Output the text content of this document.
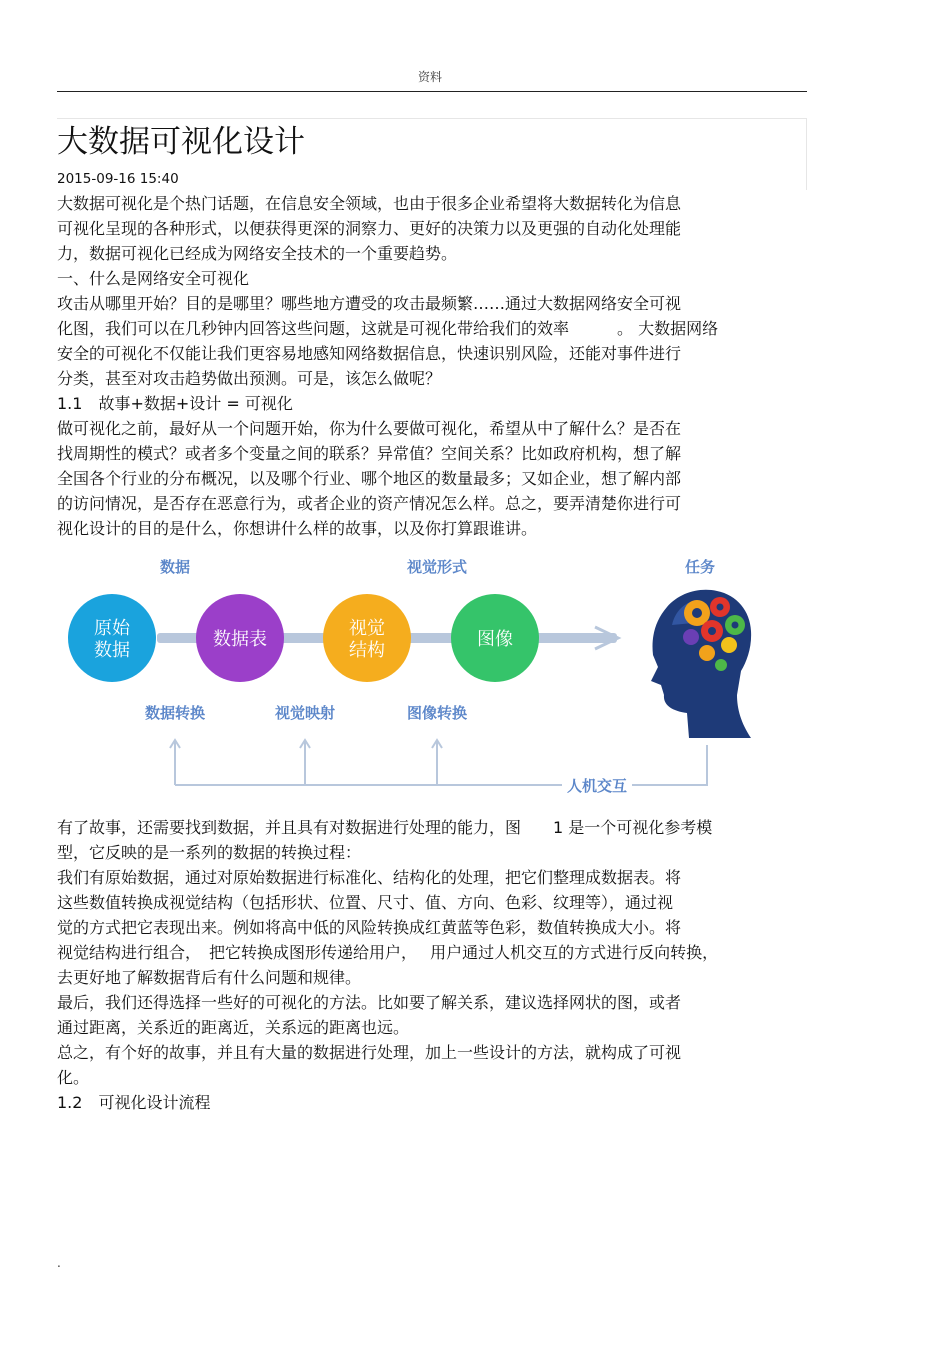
资料
大数据可视化设计
2015-09-16 15:40
大数据可视化是个热门话题，在信息安全领域，也由于很多企业希望将大数据转化为信息
可视化呈现的各种形式，以便获得更深的洞察力、更好的决策力以及更强的自动化处理能
力，数据可视化已经成为网络安全技术的一个重要趋势。
一、什么是网络安全可视化
攻击从哪里开始？目的是哪里？哪些地方遭受的攻击最频繁……通过大数据网络安全可视
化图，我们可以在几秒钟内回答这些问题，这就是可视化带给我们的效率　　　。 大数据网络
安全的可视化不仅能让我们更容易地感知网络数据信息，快速识别风险，还能对事件进行
分类，甚至对攻击趋势做出预测。可是，该怎么做呢？
1.1　故事+数据+设计 = 可视化
做可视化之前，最好从一个问题开始，你为什么要做可视化，希望从中了解什么？是否在
找周期性的模式？或者多个变量之间的联系？异常值？空间关系？比如政府机构，想了解
全国各个行业的分布概况，以及哪个行业、哪个地区的数量最多；又如企业，想了解内部
的访问情况，是否存在恶意行为，或者企业的资产情况怎么样。总之，要弄清楚你进行可
视化设计的目的是什么，你想讲什么样的故事，以及你打算跟谁讲。
数据	视觉形式	任务
原始
数据
数据表
视觉
结构
图像
数据转换	视觉映射	图像转换
人机交互
有了故事，还需要找到数据，并且具有对数据进行处理的能力，图　　1 是一个可视化参考模
型，它反映的是一系列的数据的转换过程：
我们有原始数据，通过对原始数据进行标准化、结构化的处理，把它们整理成数据表。将
这些数值转换成视觉结构（包括形状、位置、尺寸、值、方向、色彩、纹理等），通过视
觉的方式把它表现出来。例如将高中低的风险转换成红黄蓝等色彩，数值转换成大小。将
视觉结构进行组合，　把它转换成图形传递给用户，　 用户通过人机交互的方式进行反向转换，
去更好地了解数据背后有什么问题和规律。
最后，我们还得选择一些好的可视化的方法。比如要了解关系，建议选择网状的图，或者
通过距离，关系近的距离近，关系远的距离也远。
总之，有个好的故事，并且有大量的数据进行处理，加上一些设计的方法，就构成了可视
化。
1.2　可视化设计流程
.
